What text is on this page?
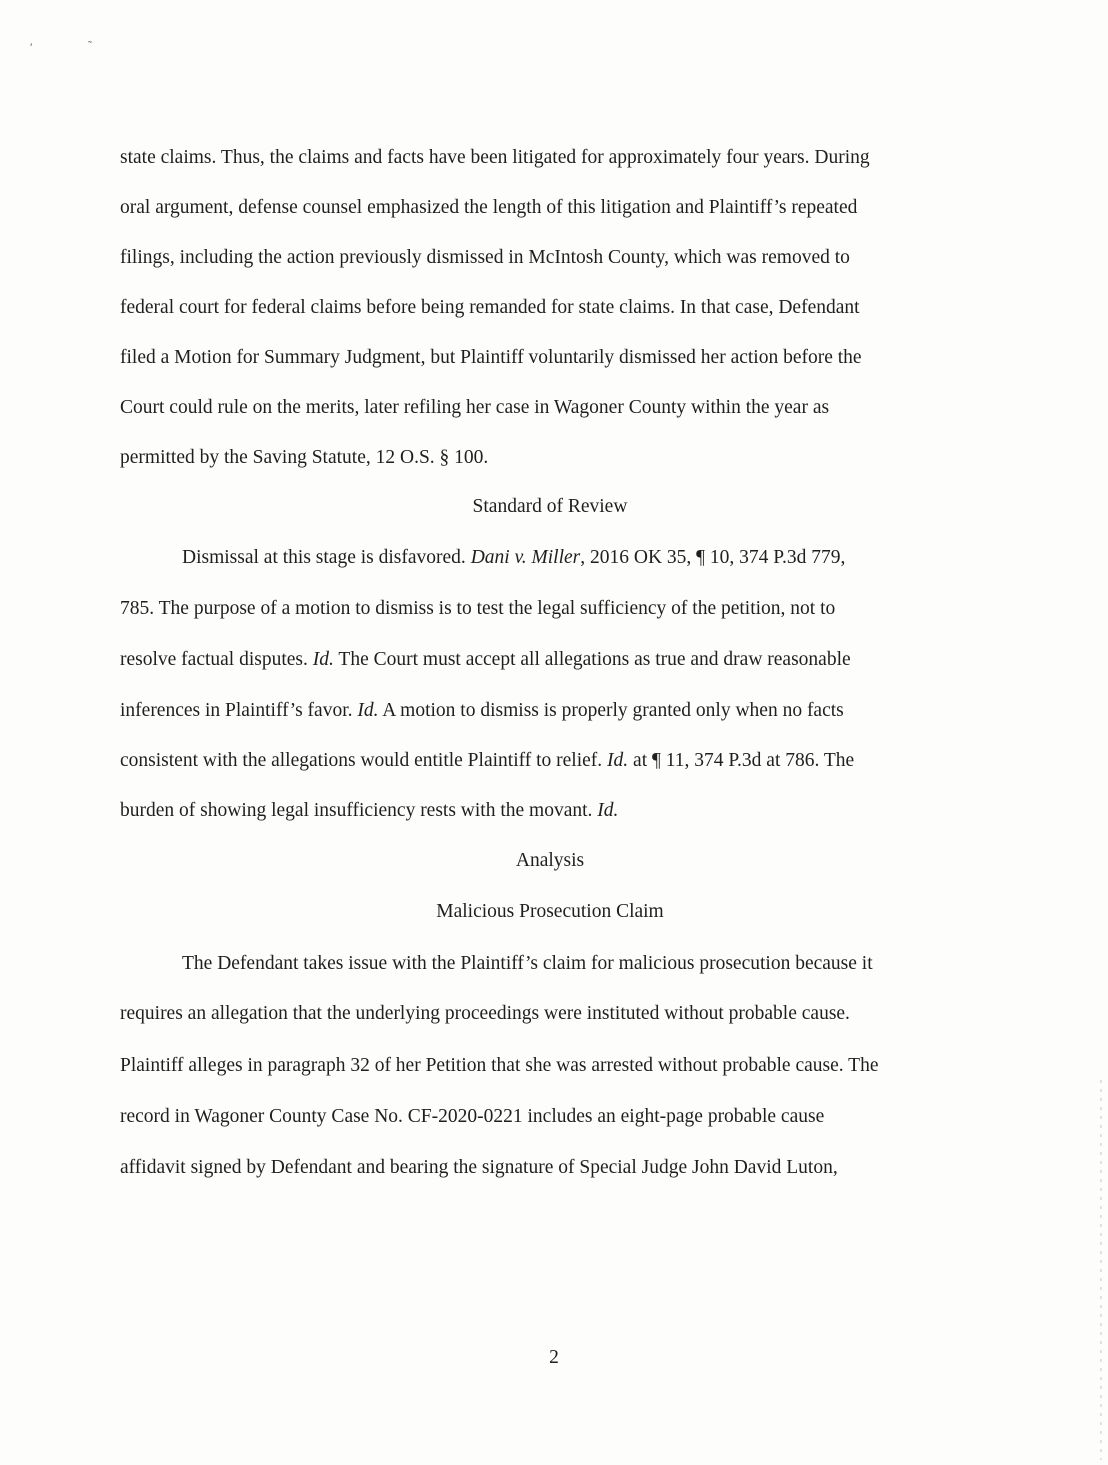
′	˜
state claims. Thus, the claims and facts have been litigated for approximately four years. During
oral argument, defense counsel emphasized the length of this litigation and Plaintiff’s repeated
filings, including the action previously dismissed in McIntosh County, which was removed to
federal court for federal claims before being remanded for state claims. In that case, Defendant
filed a Motion for Summary Judgment, but Plaintiff voluntarily dismissed her action before the
Court could rule on the merits, later refiling her case in Wagoner County within the year as
permitted by the Saving Statute, 12 O.S. § 100.
Standard of Review
Dismissal at this stage is disfavored. Dani v. Miller, 2016 OK 35, ¶ 10, 374 P.3d 779,
785. The purpose of a motion to dismiss is to test the legal sufficiency of the petition, not to
resolve factual disputes. Id. The Court must accept all allegations as true and draw reasonable
inferences in Plaintiff’s favor. Id. A motion to dismiss is properly granted only when no facts
consistent with the allegations would entitle Plaintiff to relief. Id. at ¶ 11, 374 P.3d at 786. The
burden of showing legal insufficiency rests with the movant. Id.
Analysis
Malicious Prosecution Claim
The Defendant takes issue with the Plaintiff’s claim for malicious prosecution because it
requires an allegation that the underlying proceedings were instituted without probable cause.
Plaintiff alleges in paragraph 32 of her Petition that she was arrested without probable cause. The
record in Wagoner County Case No. CF-2020-0221 includes an eight-page probable cause
affidavit signed by Defendant and bearing the signature of Special Judge John David Luton,
2
